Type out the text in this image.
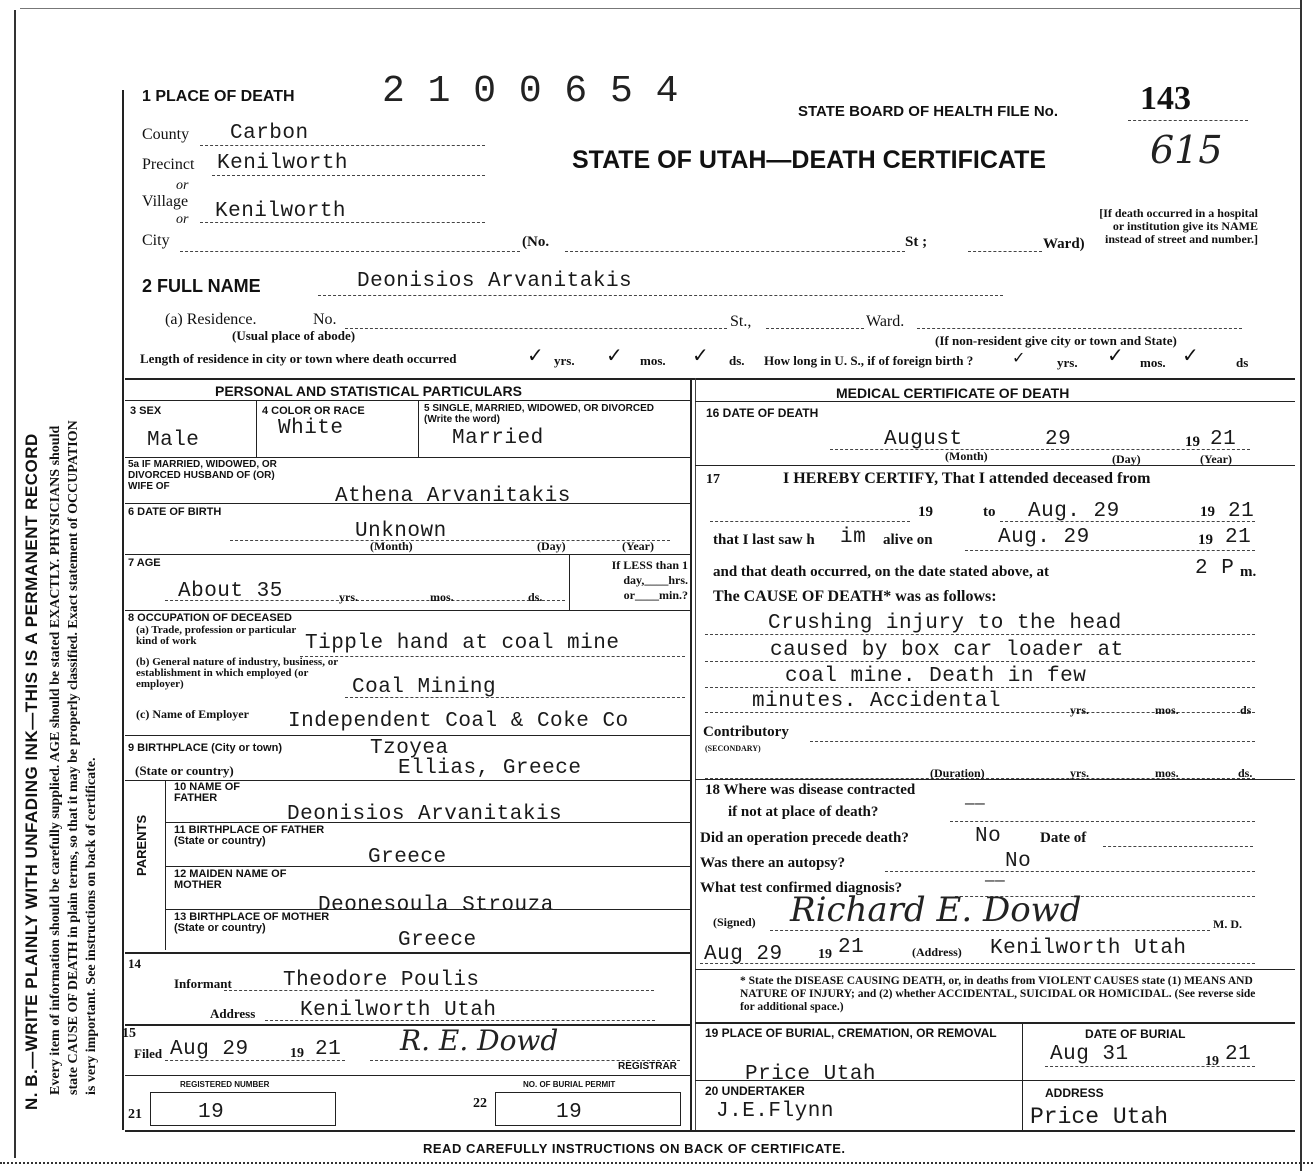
N. B.—WRITE PLAINLY WITH UNFADING INK—THIS IS A PERMANENT RECORD Every item of information should be carefully supplied. AGE should be stated EXACTLY. PHYSICIANS should state CAUSE OF DEATH in plain terms, so that it may be properly classified. Exact statement of OCCUPATION is very important. See instructions on back of certificate.
1 PLACE OF DEATH 2 1 0 0 6 5 4	STATE BOARD OF HEALTH FILE No. 143
STATE OF UTAH—DEATH CERTIFICATE	615
[If death occurred in a hospital or institution give its NAME instead of street and number.]
County Carbon
Precinct Kenilworth
or
Village
or Kenilworth
City	(No.	St ;	Ward)
2 FULL NAME	Deonisios Arvanitakis
(a) Residence.	No.	St.,	Ward.
(Usual place of abode)	(If non-resident give city or town and State)
Length of residence in city or town where death occurred	✓ yrs. ✓ mos. ✓ ds. How long in U. S., if of foreign birth ? ✓ yrs. ✓ mos. ✓	ds
PERSONAL AND STATISTICAL PARTICULARS
3 SEX	4 COLOR OR RACE	5 SINGLE, MARRIED, WIDOWED, OR DIVORCED (Write the word)
Male
White	Married
5a IF MARRIED, WIDOWED, OR DIVORCED HUSBAND OF (OR) WIFE OF	Athena Arvanitakis
6 DATE OF BIRTH
Unknown
(Month)	(Day)	(Year)
7 AGE
About 35	yrs.	mos.	ds.
If LESS than 1 day,____hrs. or____min.?
8 OCCUPATION OF DECEASED
(a) Trade, profession or particular kind of work	Tipple hand at coal mine
(b) General nature of industry, business, or establishment in which employed (or employer)	Coal Mining
(c) Name of Employer Independent Coal & Coke Co
9 BIRTHPLACE (City or town)	Tzoyea
(State or country)	Ellias, Greece
PARENTS
10 NAME OF FATHER
Deonisios Arvanitakis
11 BIRTHPLACE OF FATHER (State or country)
Greece
12 MAIDEN NAME OF MOTHER
Deonesoula Strouza
13 BIRTHPLACE OF MOTHER (State or country)
Greece
14
Informant Theodore Poulis
Address Kenilworth Utah
15
Filed Aug 29	19 21 R. E. Dowd
REGISTRAR
REGISTERED NUMBER
21	19
NO. OF BURIAL PERMIT
22	19
MEDICAL CERTIFICATE OF DEATH
16 DATE OF DEATH
August	29	19 21
(Month)	(Day)	(Year)
17	I HEREBY CERTIFY, That I attended deceased from
19	to Aug. 29	19 21
that I last saw h im alive on	Aug. 29	19 21
and that death occurred, on the date stated above, at	2 P m.
The CAUSE OF DEATH* was as follows:
Crushing injury to the head
caused by box car loader at
coal mine. Death in few
minutes. Accidental	yrs.	mos.	ds
Contributory
(SECONDARY)
(Duration)	yrs.	mos.	ds.
18 Where was disease contracted
if not at place of death?	——
Did an operation precede death?	No	Date of
Was there an autopsy?	No
What test confirmed diagnosis?	——
(Signed) Richard E. Dowd	M. D.
Aug 29	19 21	(Address) Kenilworth Utah
* State the DISEASE CAUSING DEATH, or, in deaths from VIOLENT CAUSES state (1) MEANS AND NATURE OF INJURY; and (2) whether ACCIDENTAL, SUICIDAL OR HOMICIDAL. (See reverse side for additional space.)
19 PLACE OF BURIAL, CREMATION, OR REMOVAL
Price Utah
DATE OF BURIAL
Aug 31	19 21
20 UNDERTAKER
J.E.Flynn
ADDRESS
Price Utah
READ CAREFULLY INSTRUCTIONS ON BACK OF CERTIFICATE.
